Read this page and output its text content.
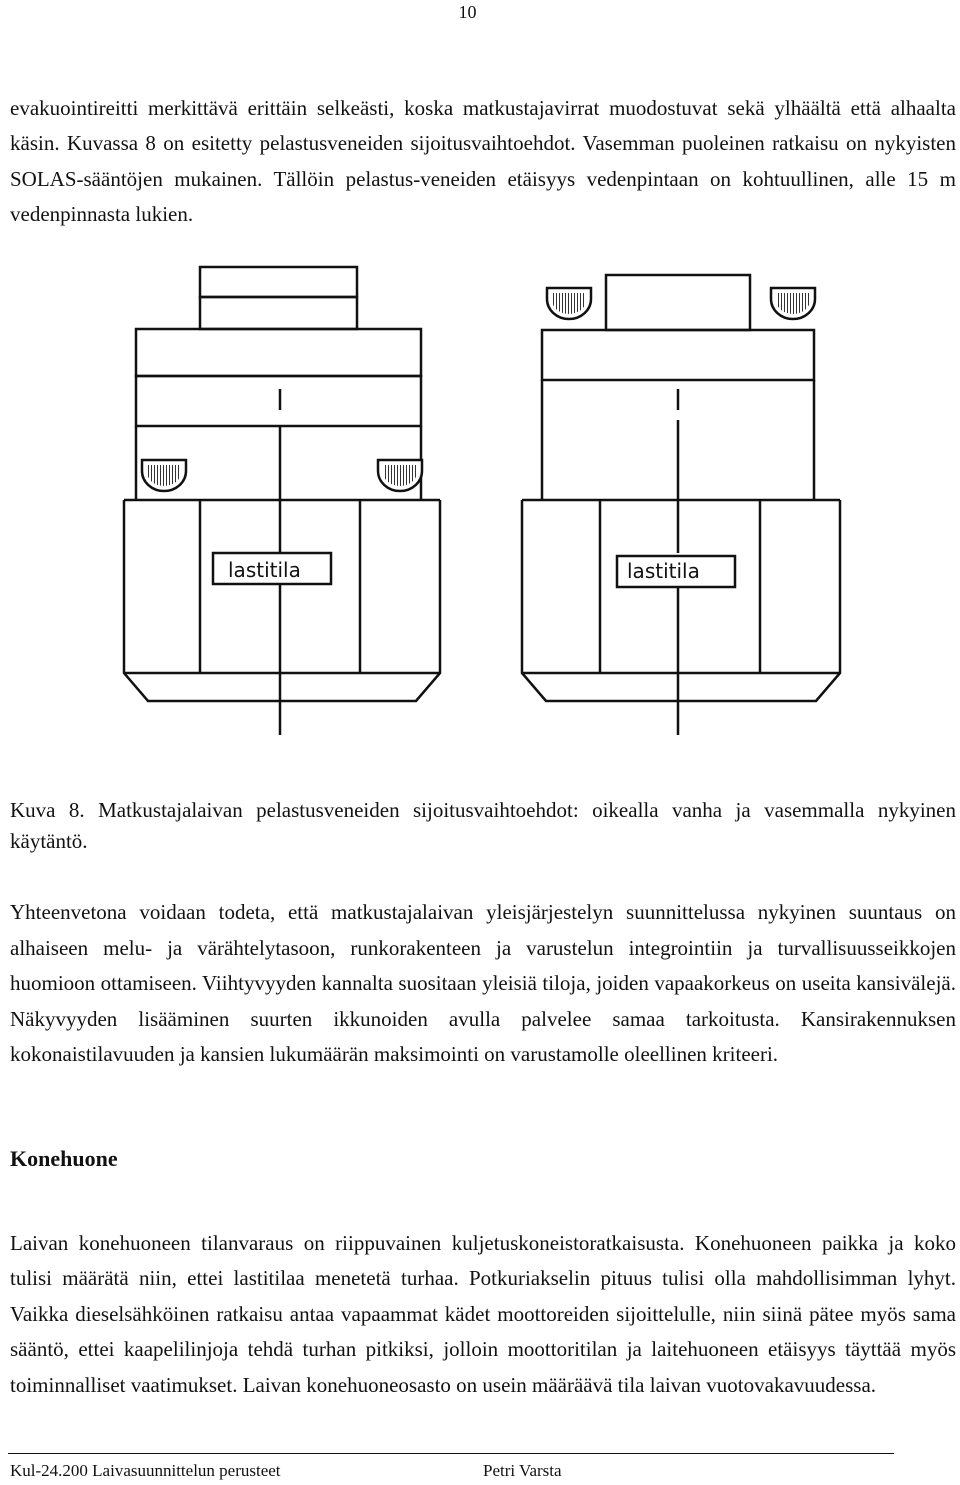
10

evakuointireitti merkittävä erittäin selkeästi, koska matkustajavirrat muodostuvat sekä ylhäältä että alhaalta käsin. Kuvassa 8 on esitetty pelastusveneiden sijoitusvaihtoehdot. Vasemman puoleinen ratkaisu on nykyisten SOLAS-sääntöjen mukainen. Tällöin pelastus-veneiden etäisyys vedenpintaan on kohtuullinen, alle 15 m vedenpinnasta lukien.

lastitila	lastitila

Kuva 8. Matkustajalaivan pelastusveneiden sijoitusvaihtoehdot: oikealla vanha ja vasemmalla nykyinen käytäntö.

Yhteenvetona voidaan todeta, että matkustajalaivan yleisjärjestelyn suunnittelussa nykyinen suuntaus on alhaiseen melu- ja värähtelytasoon, runkorakenteen ja varustelun integrointiin ja turvallisuusseikkojen huomioon ottamiseen. Viihtyvyyden kannalta suositaan yleisiä tiloja, joiden vapaakorkeus on useita kansivälejä. Näkyvyyden lisääminen suurten ikkunoiden avulla palvelee samaa tarkoitusta. Kansirakennuksen kokonaistilavuuden ja kansien lukumäärän maksimointi on varustamolle oleellinen kriteeri.

Konehuone

Laivan konehuoneen tilanvaraus on riippuvainen kuljetuskoneistoratkaisusta. Konehuoneen paikka ja koko tulisi määrätä niin, ettei lastitilaa menetetä turhaa. Potkuriakselin pituus tulisi olla mahdollisimman lyhyt. Vaikka dieselsähköinen ratkaisu antaa vapaammat kädet moottoreiden sijoittelulle, niin siinä pätee myös sama sääntö, ettei kaapelilinjoja tehdä turhan pitkiksi, jolloin moottoritilan ja laitehuoneen etäisyys täyttää myös toiminnalliset vaatimukset. Laivan konehuoneosasto on usein määräävä tila laivan vuotovakavuudessa.

Kul-24.200 Laivasuunnittelun perusteet	Petri Varsta
